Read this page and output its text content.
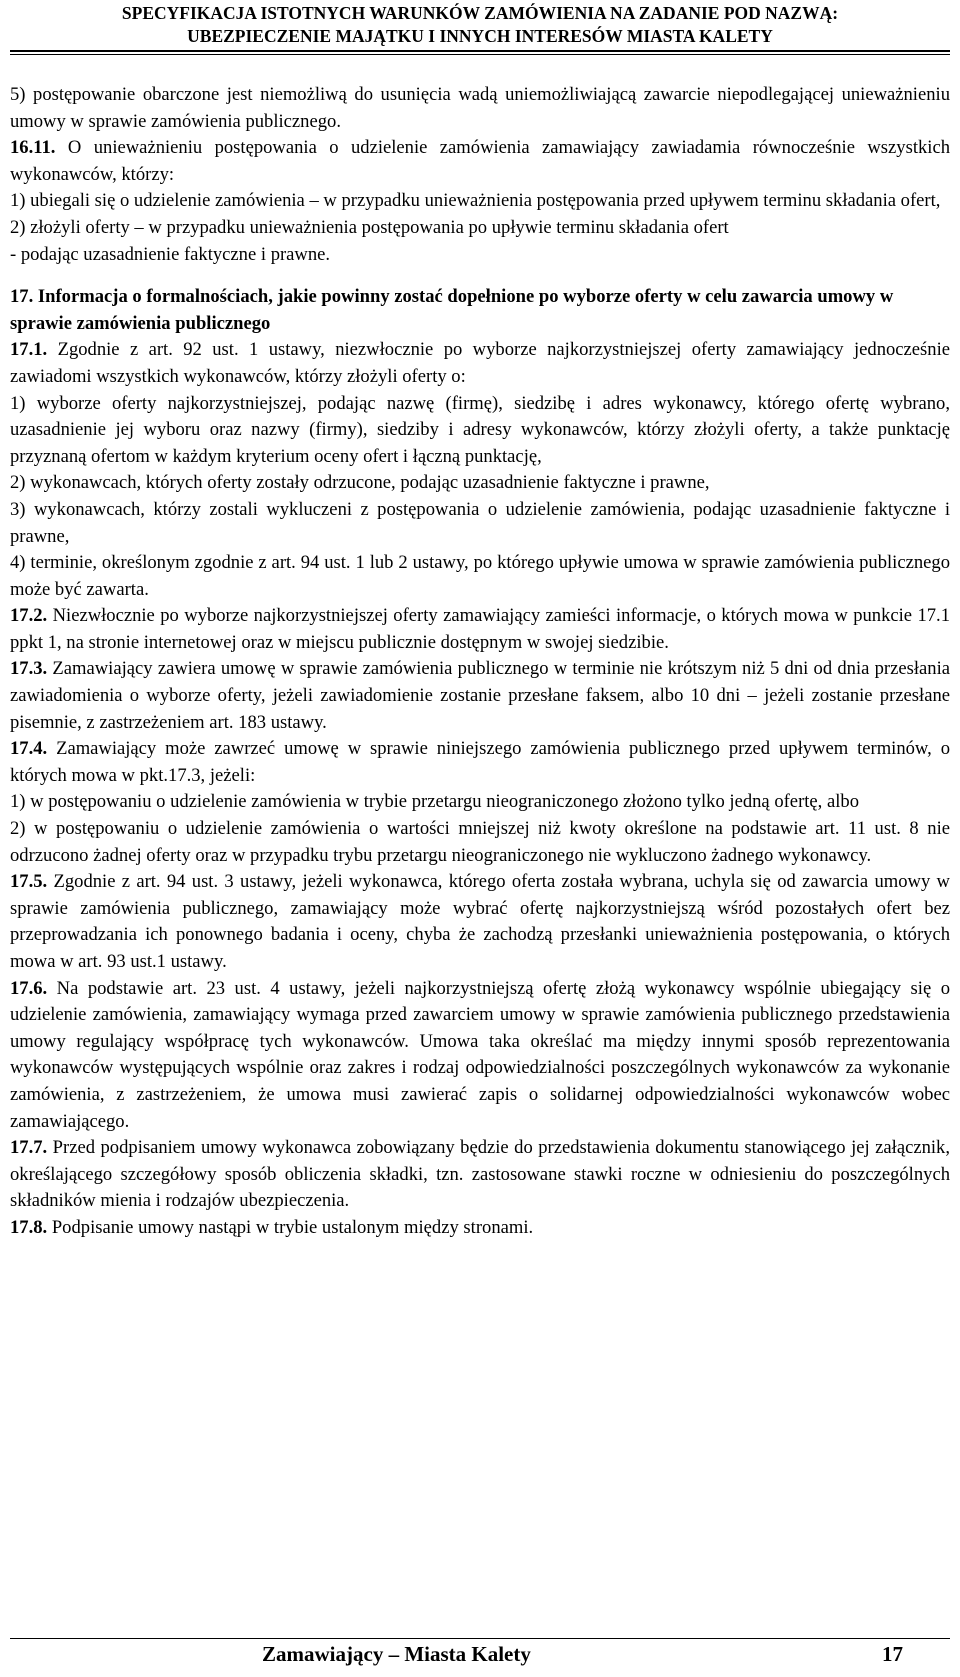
SPECYFIKACJA ISTOTNYCH WARUNKÓW ZAMÓWIENIA NA ZADANIE POD NAZWĄ:
UBEZPIECZENIE MAJĄTKU I INNYCH INTERESÓW MIASTA KALETY

5) postępowanie obarczone jest niemożliwą do usunięcia wadą uniemożliwiającą zawarcie niepodlegającej unieważnieniu umowy w sprawie zamówienia publicznego.

16.11. O unieważnieniu postępowania o udzielenie zamówienia zamawiający zawiadamia równocześnie wszystkich wykonawców, którzy:

1) ubiegali się o udzielenie zamówienia – w przypadku unieważnienia postępowania przed upływem terminu składania ofert,

2) złożyli oferty – w przypadku unieważnienia postępowania po upływie terminu składania ofert

- podając uzasadnienie faktyczne i prawne.

17. Informacja o formalnościach, jakie powinny zostać dopełnione po wyborze oferty w celu zawarcia umowy w sprawie zamówienia publicznego

17.1. Zgodnie z art. 92 ust. 1 ustawy, niezwłocznie po wyborze najkorzystniejszej oferty zamawiający jednocześnie zawiadomi wszystkich wykonawców, którzy złożyli oferty o:

1) wyborze oferty najkorzystniejszej, podając nazwę (firmę), siedzibę i adres wykonawcy, którego ofertę wybrano, uzasadnienie jej wyboru oraz nazwy (firmy), siedziby i adresy wykonawców, którzy złożyli oferty, a także punktację przyznaną ofertom w każdym kryterium oceny ofert i łączną punktację,

2) wykonawcach, których oferty zostały odrzucone, podając uzasadnienie faktyczne i prawne,

3) wykonawcach, którzy zostali wykluczeni z postępowania o udzielenie zamówienia, podając uzasadnienie faktyczne i prawne,

4) terminie, określonym zgodnie z art. 94 ust. 1 lub 2 ustawy, po którego upływie umowa w sprawie zamówienia publicznego może być zawarta.

17.2. Niezwłocznie po wyborze najkorzystniejszej oferty zamawiający zamieści informacje, o których mowa w punkcie 17.1 ppkt 1, na stronie internetowej oraz w miejscu publicznie dostępnym w swojej siedzibie.

17.3. Zamawiający zawiera umowę w sprawie zamówienia publicznego w terminie nie krótszym niż 5 dni od dnia przesłania zawiadomienia o wyborze oferty, jeżeli zawiadomienie zostanie przesłane faksem, albo 10 dni – jeżeli zostanie przesłane pisemnie, z zastrzeżeniem art. 183 ustawy.

17.4. Zamawiający może zawrzeć umowę w sprawie niniejszego zamówienia publicznego przed upływem terminów, o których mowa w pkt.17.3, jeżeli:

1) w postępowaniu o udzielenie zamówienia w trybie przetargu nieograniczonego złożono tylko jedną ofertę, albo

2) w postępowaniu o udzielenie zamówienia o wartości mniejszej niż kwoty określone na podstawie art. 11 ust. 8 nie odrzucono żadnej oferty oraz w przypadku trybu przetargu nieograniczonego nie wykluczono żadnego wykonawcy.

17.5. Zgodnie z art. 94 ust. 3 ustawy, jeżeli wykonawca, którego oferta została wybrana, uchyla się od zawarcia umowy w sprawie zamówienia publicznego, zamawiający może wybrać ofertę najkorzystniejszą wśród pozostałych ofert bez przeprowadzania ich ponownego badania i oceny, chyba że zachodzą przesłanki unieważnienia postępowania, o których mowa w art. 93 ust.1 ustawy.

17.6. Na podstawie art. 23 ust. 4 ustawy, jeżeli najkorzystniejszą ofertę złożą wykonawcy wspólnie ubiegający się o udzielenie zamówienia, zamawiający wymaga przed zawarciem umowy w sprawie zamówienia publicznego przedstawienia umowy regulający współpracę tych wykonawców. Umowa taka określać ma między innymi sposób reprezentowania wykonawców występujących wspólnie oraz zakres i rodzaj odpowiedzialności poszczególnych wykonawców za wykonanie zamówienia, z zastrzeżeniem, że umowa musi zawierać zapis o solidarnej odpowiedzialności wykonawców wobec zamawiającego.

17.7. Przed podpisaniem umowy wykonawca zobowiązany będzie do przedstawienia dokumentu stanowiącego jej załącznik, określającego szczegółowy sposób obliczenia składki, tzn. zastosowane stawki roczne w odniesieniu do poszczególnych składników mienia i rodzajów ubezpieczenia.

17.8. Podpisanie umowy nastąpi w trybie ustalonym między stronami.

Zamawiający – Miasta Kalety	17
